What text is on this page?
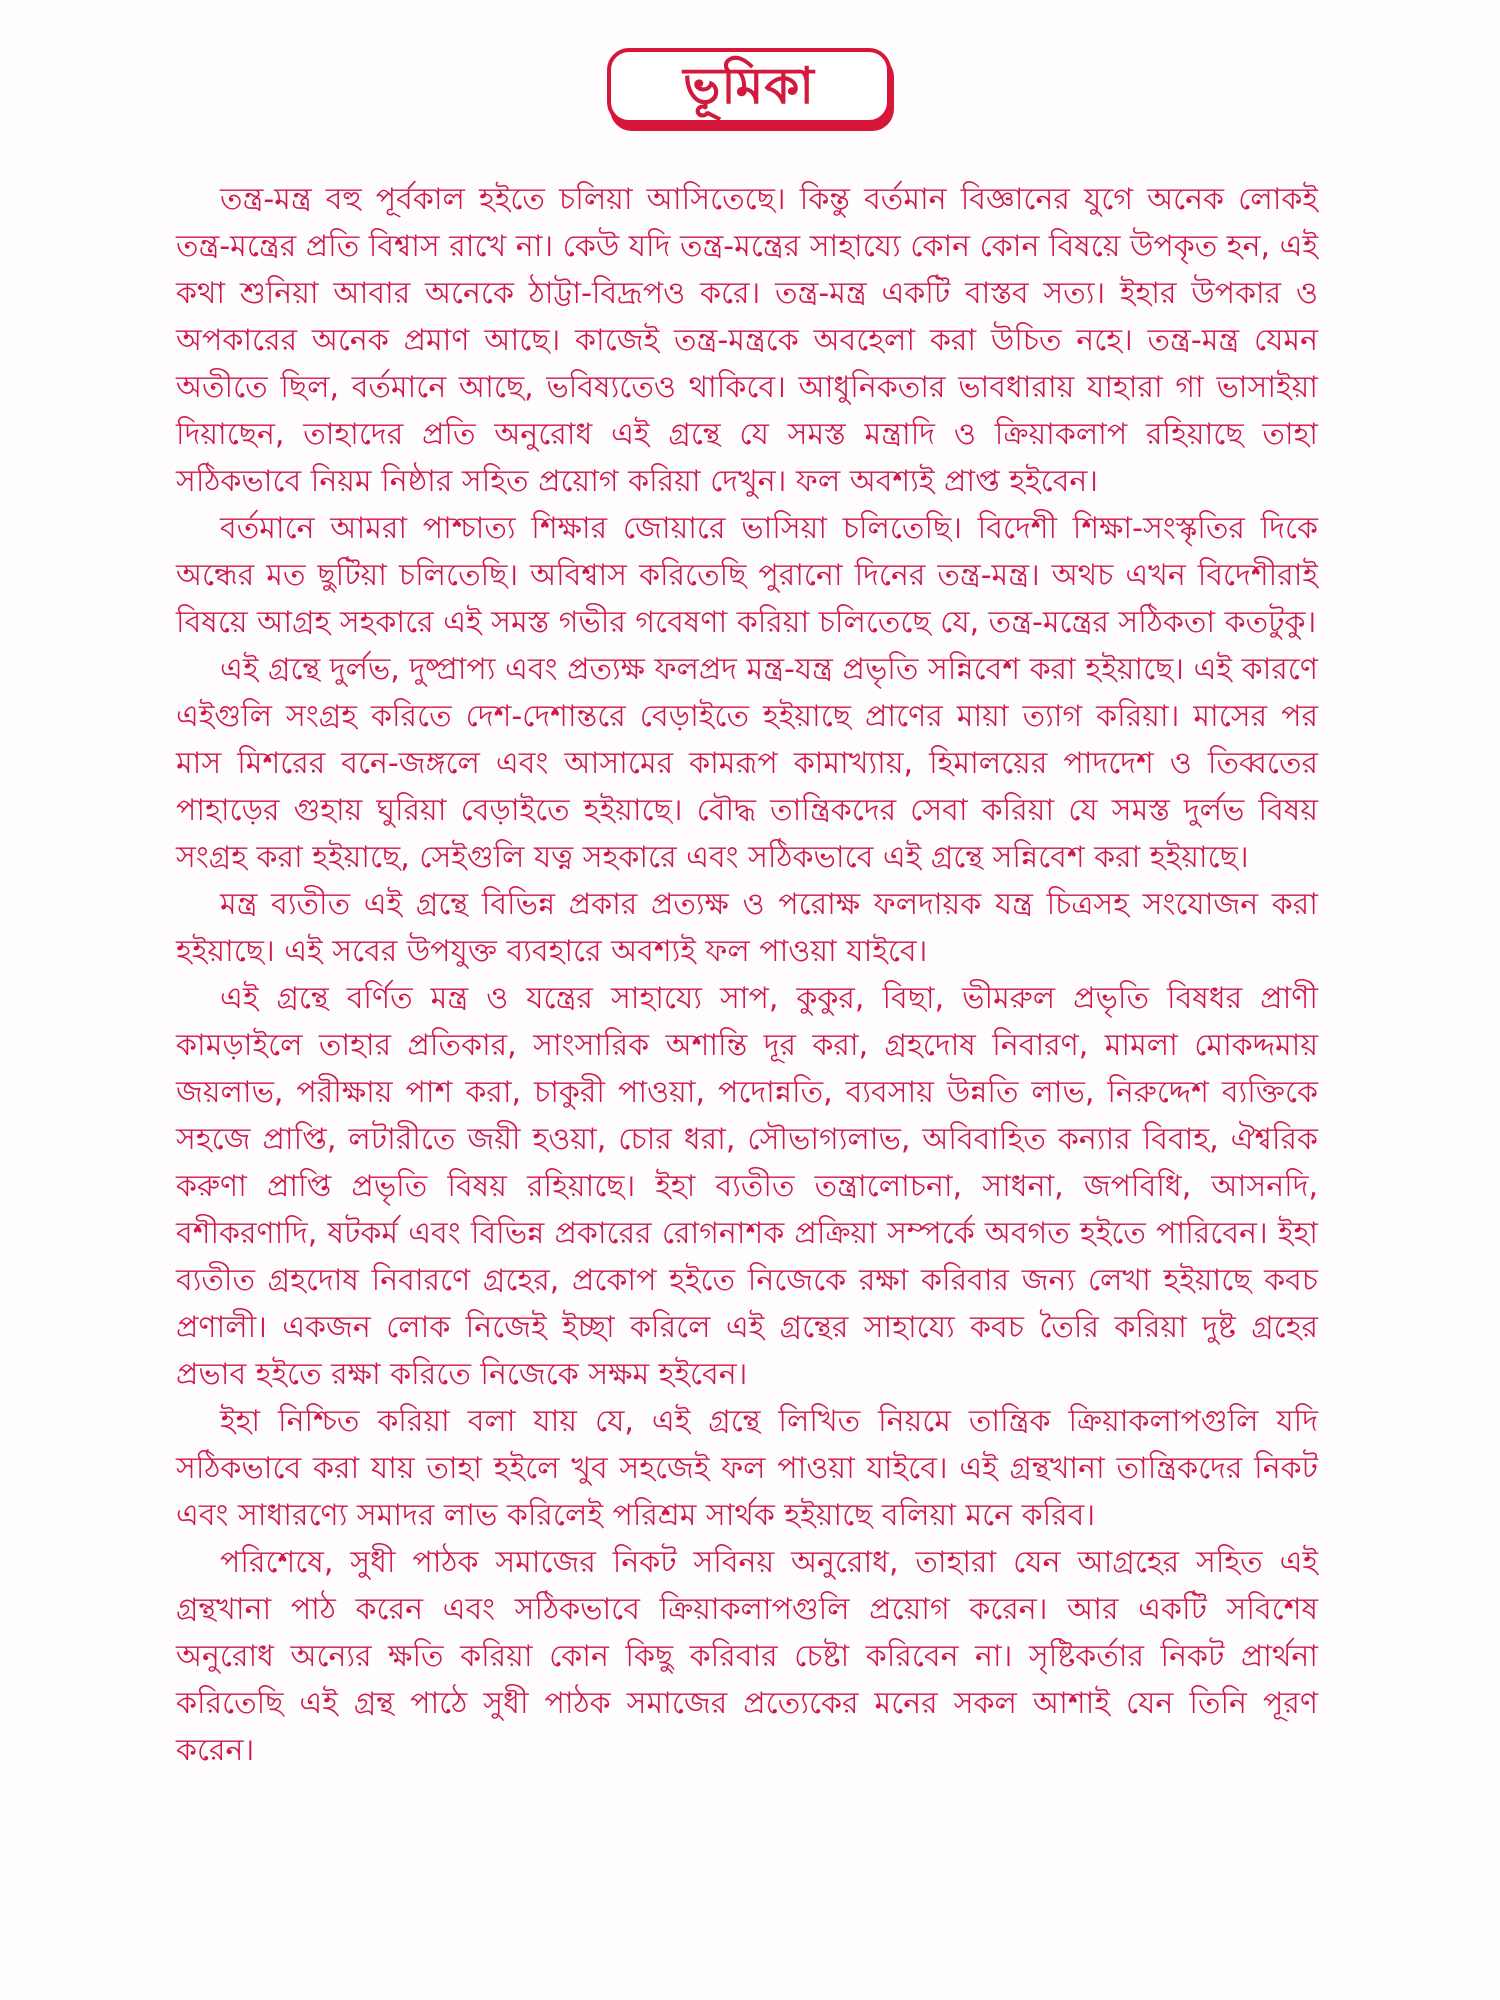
ভূমিকা

তন্ত্র-মন্ত্র বহু পূর্বকাল হইতে চলিয়া আসিতেছে। কিন্তু বর্তমান বিজ্ঞানের যুগে অনেক লোকই তন্ত্র-মন্ত্রের প্রতি বিশ্বাস রাখে না। কেউ যদি তন্ত্র-মন্ত্রের সাহায্যে কোন কোন বিষয়ে উপকৃত হন, এই কথা শুনিয়া আবার অনেকে ঠাট্টা-বিদ্রূপও করে। তন্ত্র-মন্ত্র একটি বাস্তব সত্য। ইহার উপকার ও অপকারের অনেক প্রমাণ আছে। কাজেই তন্ত্র-মন্ত্রকে অবহেলা করা উচিত নহে। তন্ত্র-মন্ত্র যেমন অতীতে ছিল, বর্তমানে আছে, ভবিষ্যতেও থাকিবে। আধুনিকতার ভাবধারায় যাহারা গা ভাসাইয়া দিয়াছেন, তাহাদের প্রতি অনুরোধ এই গ্রন্থে যে সমস্ত মন্ত্রাদি ও ক্রিয়াকলাপ রহিয়াছে তাহা সঠিকভাবে নিয়ম নিষ্ঠার সহিত প্রয়োগ করিয়া দেখুন। ফল অবশ্যই প্রাপ্ত হইবেন।

বর্তমানে আমরা পাশ্চাত্য শিক্ষার জোয়ারে ভাসিয়া চলিতেছি। বিদেশী শিক্ষা-সংস্কৃতির দিকে অন্ধের মত ছুটিয়া চলিতেছি। অবিশ্বাস করিতেছি পুরানো দিনের তন্ত্র-মন্ত্র। অথচ এখন বিদেশীরাই বিষয়ে আগ্রহ সহকারে এই সমস্ত গভীর গবেষণা করিয়া চলিতেছে যে, তন্ত্র-মন্ত্রের সঠিকতা কতটুকু।

এই গ্রন্থে দুর্লভ, দুষ্প্রাপ্য এবং প্রত্যক্ষ ফলপ্রদ মন্ত্র-যন্ত্র প্রভৃতি সন্নিবেশ করা হইয়াছে। এই কারণে এইগুলি সংগ্রহ করিতে দেশ-দেশান্তরে বেড়াইতে হইয়াছে প্রাণের মায়া ত্যাগ করিয়া। মাসের পর মাস মিশরের বনে-জঙ্গলে এবং আসামের কামরূপ কামাখ্যায়, হিমালয়ের পাদদেশ ও তিব্বতের পাহাড়ের গুহায় ঘুরিয়া বেড়াইতে হইয়াছে। বৌদ্ধ তান্ত্রিকদের সেবা করিয়া যে সমস্ত দুর্লভ বিষয় সংগ্রহ করা হইয়াছে, সেইগুলি যত্ন সহকারে এবং সঠিকভাবে এই গ্রন্থে সন্নিবেশ করা হইয়াছে।

মন্ত্র ব্যতীত এই গ্রন্থে বিভিন্ন প্রকার প্রত্যক্ষ ও পরোক্ষ ফলদায়ক যন্ত্র চিত্রসহ সংযোজন করা হইয়াছে। এই সবের উপযুক্ত ব্যবহারে অবশ্যই ফল পাওয়া যাইবে।

এই গ্রন্থে বর্ণিত মন্ত্র ও যন্ত্রের সাহায্যে সাপ, কুকুর, বিছা, ভীমরুল প্রভৃতি বিষধর প্রাণী কামড়াইলে তাহার প্রতিকার, সাংসারিক অশান্তি দূর করা, গ্রহদোষ নিবারণ, মামলা মোকদ্দমায় জয়লাভ, পরীক্ষায় পাশ করা, চাকুরী পাওয়া, পদোন্নতি, ব্যবসায় উন্নতি লাভ, নিরুদ্দেশ ব্যক্তিকে সহজে প্রাপ্তি, লটারীতে জয়ী হওয়া, চোর ধরা, সৌভাগ্যলাভ, অবিবাহিত কন্যার বিবাহ, ঐশ্বরিক করুণা প্রাপ্তি প্রভৃতি বিষয় রহিয়াছে। ইহা ব্যতীত তন্ত্রালোচনা, সাধনা, জপবিধি, আসনদি, বশীকরণাদি, ষটকর্ম এবং বিভিন্ন প্রকারের রোগনাশক প্রক্রিয়া সম্পর্কে অবগত হইতে পারিবেন। ইহা ব্যতীত গ্রহদোষ নিবারণে গ্রহের, প্রকোপ হইতে নিজেকে রক্ষা করিবার জন্য লেখা হইয়াছে কবচ প্রণালী। একজন লোক নিজেই ইচ্ছা করিলে এই গ্রন্থের সাহায্যে কবচ তৈরি করিয়া দুষ্ট গ্রহের প্রভাব হইতে রক্ষা করিতে নিজেকে সক্ষম হইবেন।

ইহা নিশ্চিত করিয়া বলা যায় যে, এই গ্রন্থে লিখিত নিয়মে তান্ত্রিক ক্রিয়াকলাপগুলি যদি সঠিকভাবে করা যায় তাহা হইলে খুব সহজেই ফল পাওয়া যাইবে। এই গ্রন্থখানা তান্ত্রিকদের নিকট এবং সাধারণ্যে সমাদর লাভ করিলেই পরিশ্রম সার্থক হইয়াছে বলিয়া মনে করিব।

পরিশেষে, সুধী পাঠক সমাজের নিকট সবিনয় অনুরোধ, তাহারা যেন আগ্রহের সহিত এই গ্রন্থখানা পাঠ করেন এবং সঠিকভাবে ক্রিয়াকলাপগুলি প্রয়োগ করেন। আর একটি সবিশেষ অনুরোধ অন্যের ক্ষতি করিয়া কোন কিছু করিবার চেষ্টা করিবেন না। সৃষ্টিকর্তার নিকট প্রার্থনা করিতেছি এই গ্রন্থ পাঠে সুধী পাঠক সমাজের প্রত্যেকের মনের সকল আশাই যেন তিনি পূরণ করেন।
